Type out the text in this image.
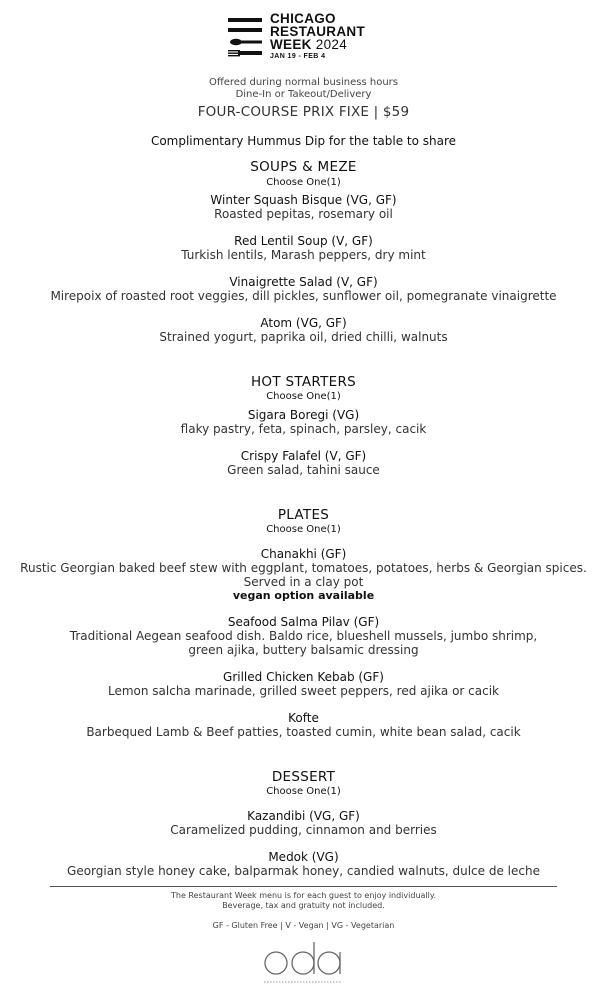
CHICAGO
RESTAURANT
WEEK 2024
JAN 19 - FEB 4
Offered during normal business hours
Dine-In or Takeout/Delivery
FOUR-COURSE PRIX FIXE | $59
Complimentary Hummus Dip for the table to share
SOUPS & MEZE
Choose One(1)
Winter Squash Bisque (VG, GF)
Roasted pepitas, rosemary oil
Red Lentil Soup (V, GF)
Turkish lentils, Marash peppers, dry mint
Vinaigrette Salad (V, GF)
Mirepoix of roasted root veggies, dill pickles, sunflower oil, pomegranate vinaigrette
Atom (VG, GF)
Strained yogurt, paprika oil, dried chilli, walnuts
HOT STARTERS
Choose One(1)
Sigara Boregi (VG)
flaky pastry, feta, spinach, parsley, cacik
Crispy Falafel (V, GF)
Green salad, tahini sauce
PLATES
Choose One(1)
Chanakhi (GF)
Rustic Georgian baked beef stew with eggplant, tomatoes, potatoes, herbs & Georgian spices.
Served in a clay pot
vegan option available
Seafood Salma Pilav (GF)
Traditional Aegean seafood dish. Baldo rice, blueshell mussels, jumbo shrimp,
green ajika, buttery balsamic dressing
Grilled Chicken Kebab (GF)
Lemon salcha marinade, grilled sweet peppers, red ajika or cacik
Kofte
Barbequed Lamb & Beef patties, toasted cumin, white bean salad, cacik
DESSERT
Choose One(1)
Kazandibi (VG, GF)
Caramelized pudding, cinnamon and berries
Medok (VG)
Georgian style honey cake, balparmak honey, candied walnuts, dulce de leche
The Restaurant Week menu is for each guest to enjoy individually.
Beverage, tax and gratuity not included.
GF - Gluten Free | V - Vegan | VG - Vegetarian
